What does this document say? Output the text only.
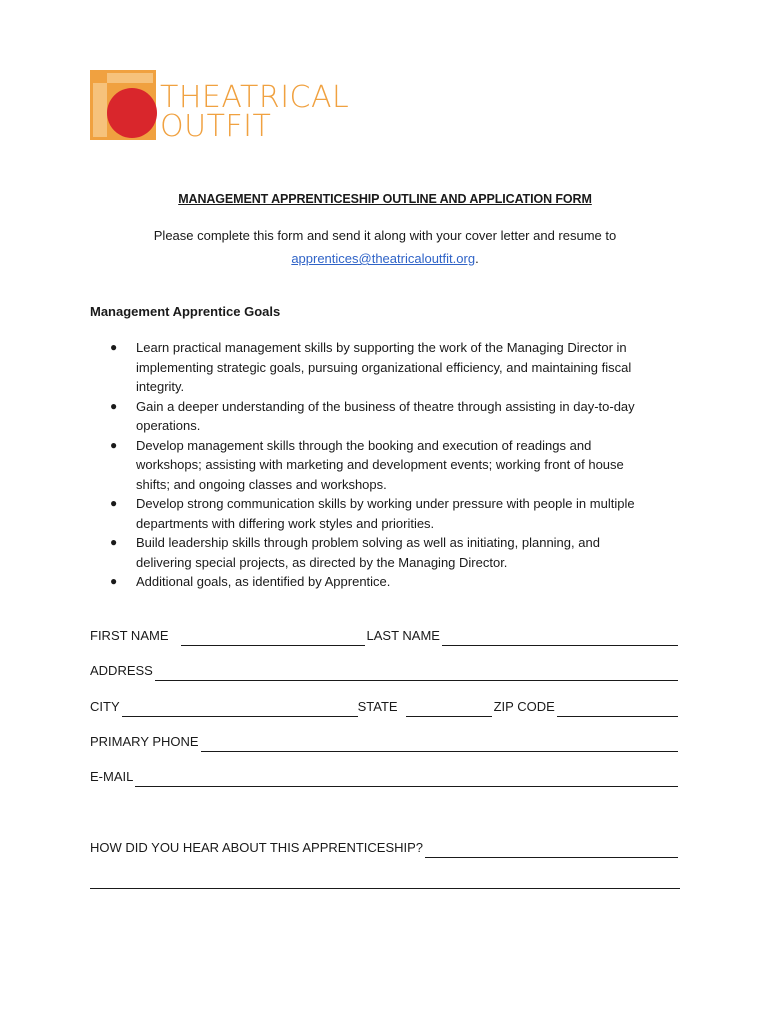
THEATRICAL
OUTFIT
MANAGEMENT APPRENTICESHIP OUTLINE AND APPLICATION FORM
Please complete this form and send it along with your cover letter and resume to
apprentices@theatricaloutfit.org.
Management Apprentice Goals
● Learn practical management skills by supporting the work of the Managing Director in
implementing strategic goals, pursuing organizational efficiency, and maintaining fiscal
integrity.
● Gain a deeper understanding of the business of theatre through assisting in day-to-day
operations.
● Develop management skills through the booking and execution of readings and
workshops; assisting with marketing and development events; working front of house
shifts; and ongoing classes and workshops.
● Develop strong communication skills by working under pressure with people in multiple
departments with differing work styles and priorities.
● Build leadership skills through problem solving as well as initiating, planning, and
delivering special projects, as directed by the Managing Director.
● Additional goals, as identified by Apprentice.
FIRST NAME	LAST NAME
ADDRESS
CITY	STATE	ZIP CODE
PRIMARY PHONE
E-MAIL
HOW DID YOU HEAR ABOUT THIS APPRENTICESHIP?
